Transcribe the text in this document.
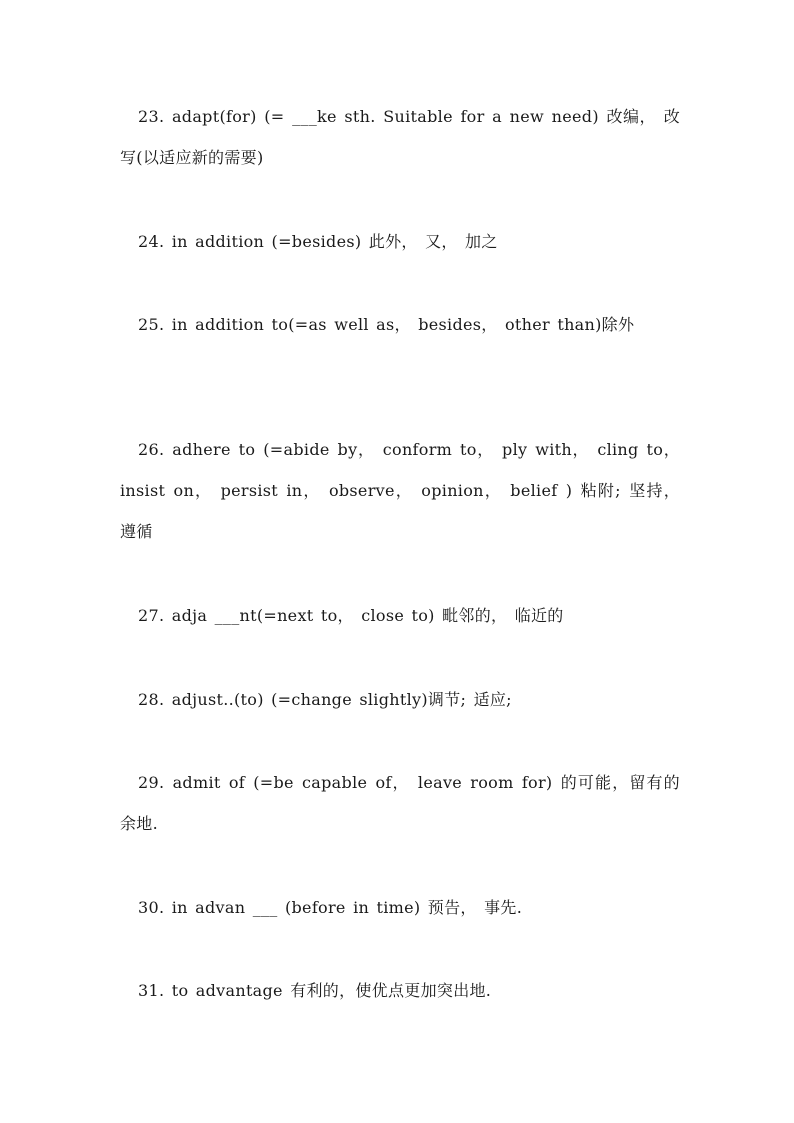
23. adapt(for) (= ___ke sth. Suitable for a new need) 改编， 改写(以适应新的需要)

24. in addition (=besides) 此外， 又， 加之

25. in addition to(=as well as， besides， other than)除外

26. adhere to (=abide by， conform to， ply with， cling to， insist on， persist in， observe， opinion， belief ) 粘附; 坚持， 遵循

27. adja ___nt(=next to， close to) 毗邻的， 临近的

28. adjust..(to) (=change slightly)调节; 适应;

29. admit of (=be capable of， leave room for) 的可能，留有的余地.

30. in advan ___ (before in time) 预告， 事先.

31. to advantage 有利的，使优点更加突出地.
